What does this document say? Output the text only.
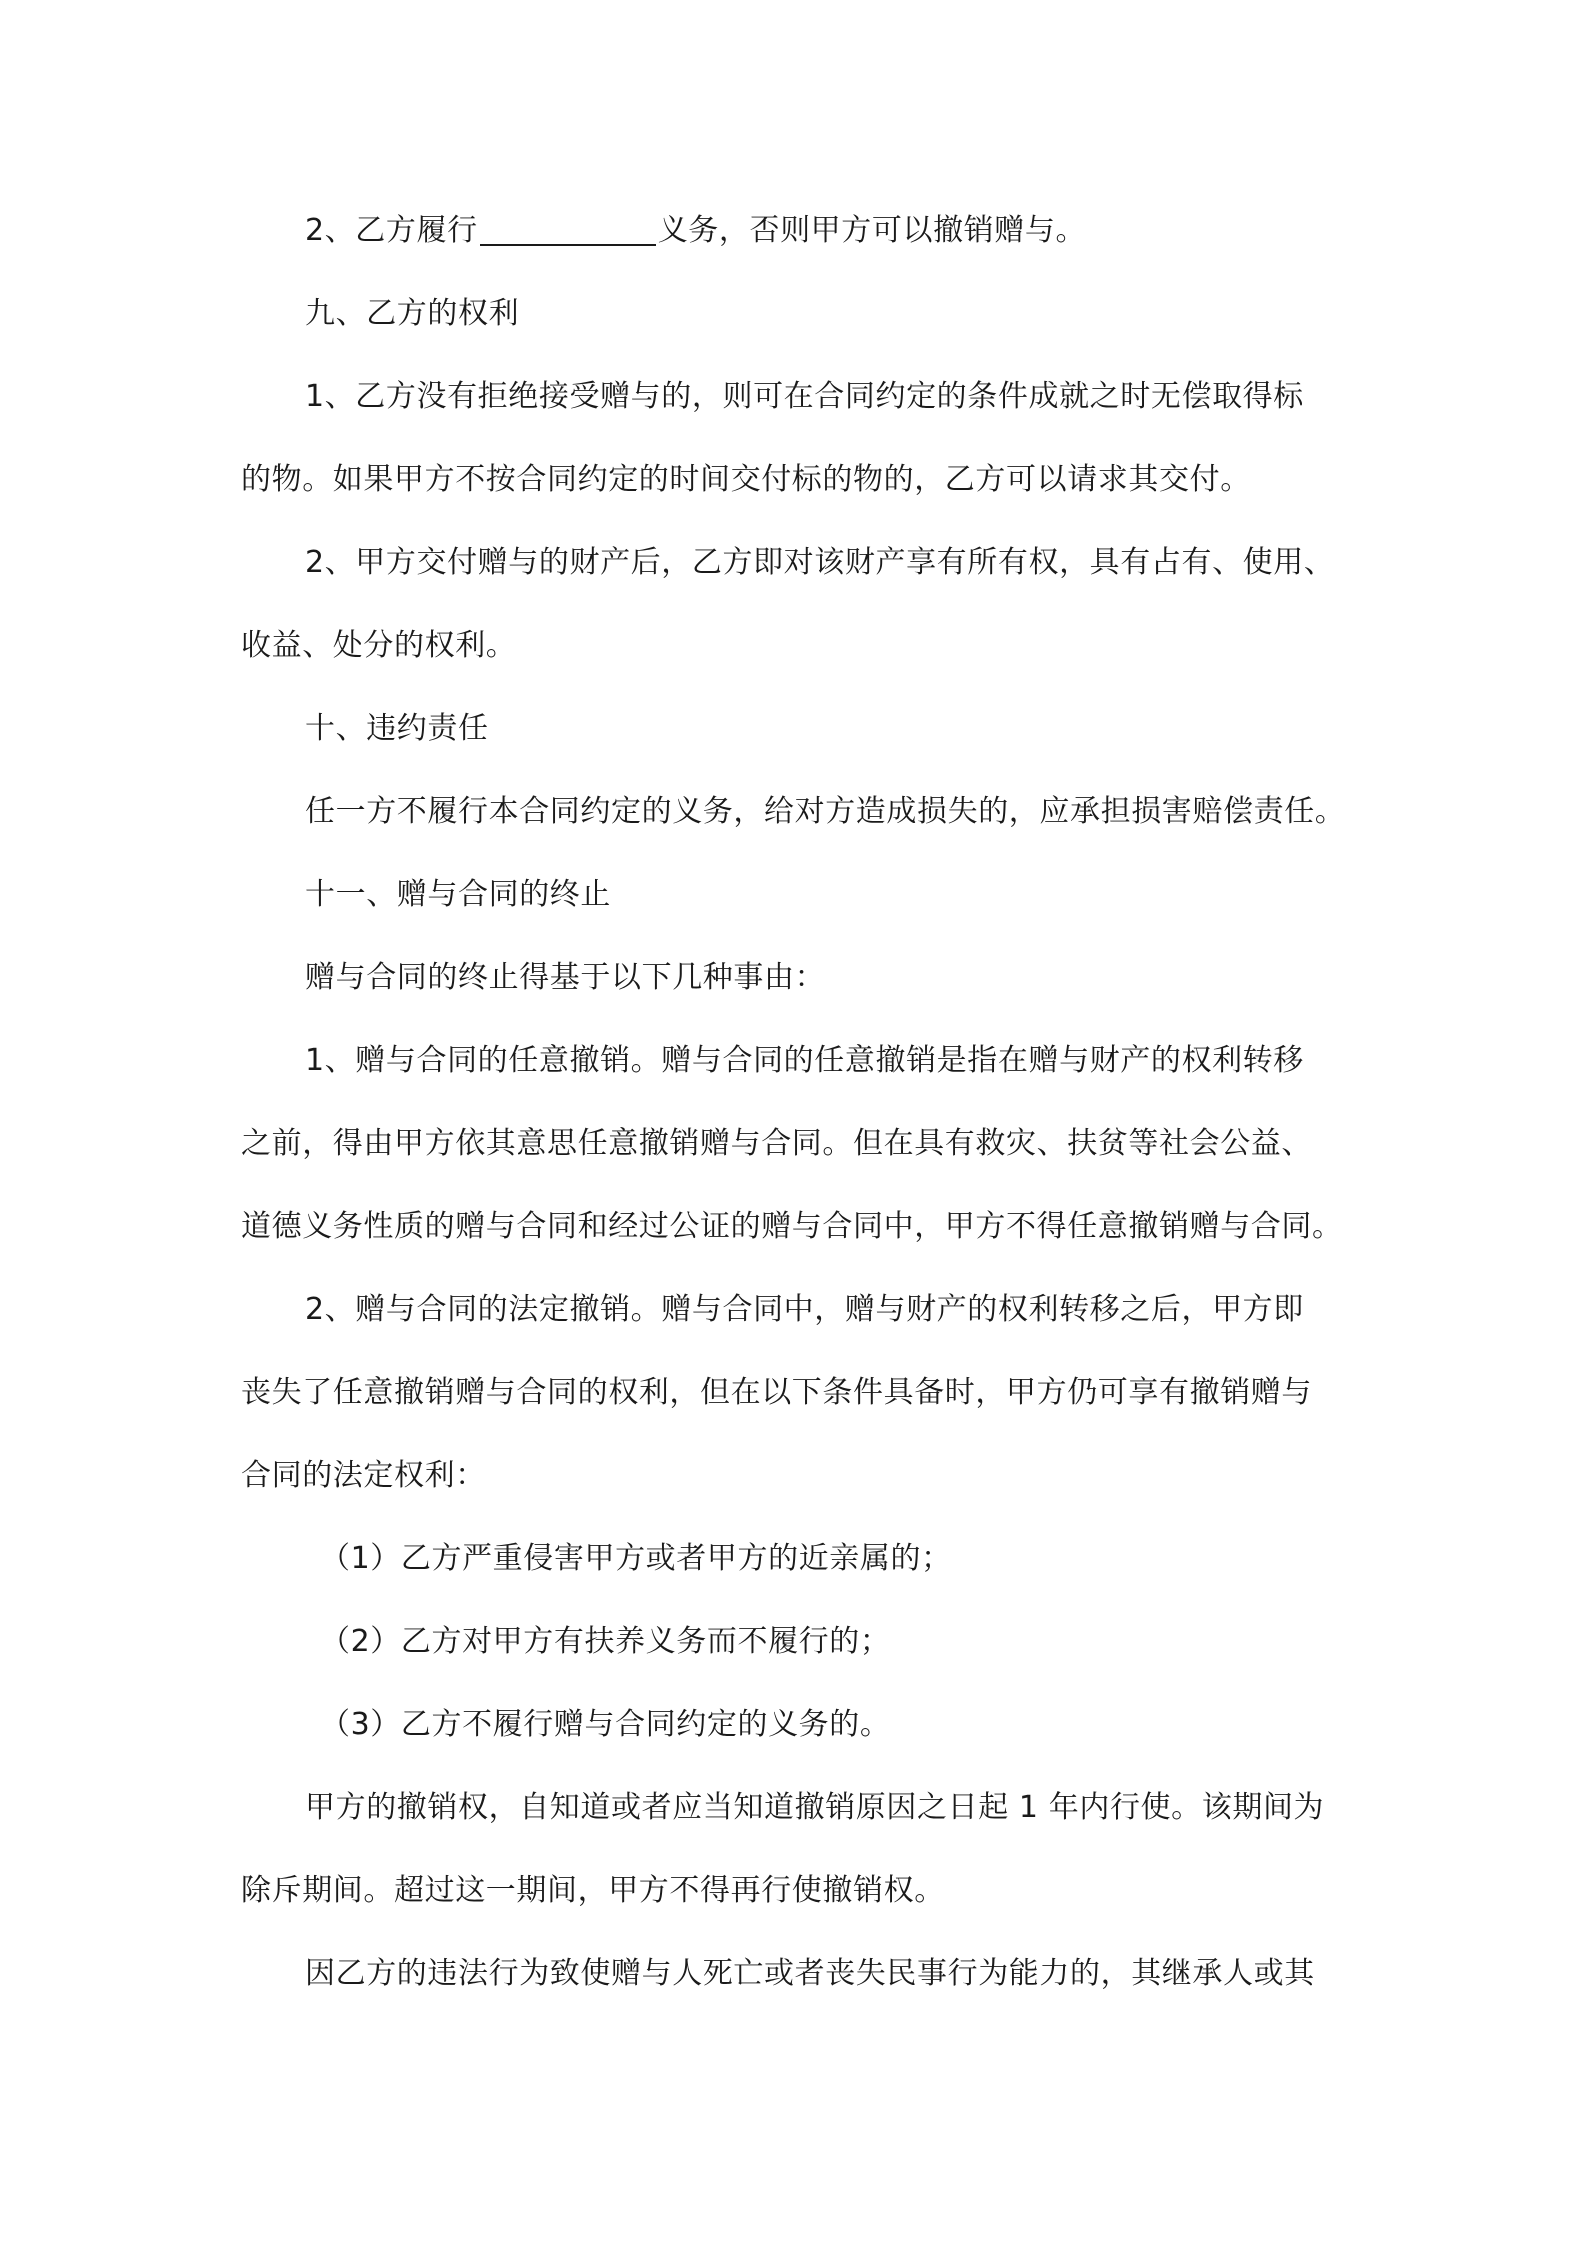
2、乙方履行	义务，否则甲方可以撤销赠与。
九、乙方的权利
1、乙方没有拒绝接受赠与的，则可在合同约定的条件成就之时无偿取得标
的物。如果甲方不按合同约定的时间交付标的物的，乙方可以请求其交付。
2、甲方交付赠与的财产后，乙方即对该财产享有所有权，具有占有、使用、
收益、处分的权利。
十、违约责任
任一方不履行本合同约定的义务，给对方造成损失的，应承担损害赔偿责任。
十一、赠与合同的终止
赠与合同的终止得基于以下几种事由：
1、赠与合同的任意撤销。赠与合同的任意撤销是指在赠与财产的权利转移
之前，得由甲方依其意思任意撤销赠与合同。但在具有救灾、扶贫等社会公益、
道德义务性质的赠与合同和经过公证的赠与合同中，甲方不得任意撤销赠与合同。
2、赠与合同的法定撤销。赠与合同中，赠与财产的权利转移之后，甲方即
丧失了任意撤销赠与合同的权利，但在以下条件具备时，甲方仍可享有撤销赠与
合同的法定权利：
（1）乙方严重侵害甲方或者甲方的近亲属的；
（2）乙方对甲方有扶养义务而不履行的；
（3）乙方不履行赠与合同约定的义务的。
甲方的撤销权，自知道或者应当知道撤销原因之日起 1 年内行使。该期间为
除斥期间。超过这一期间，甲方不得再行使撤销权。
因乙方的违法行为致使赠与人死亡或者丧失民事行为能力的，其继承人或其
